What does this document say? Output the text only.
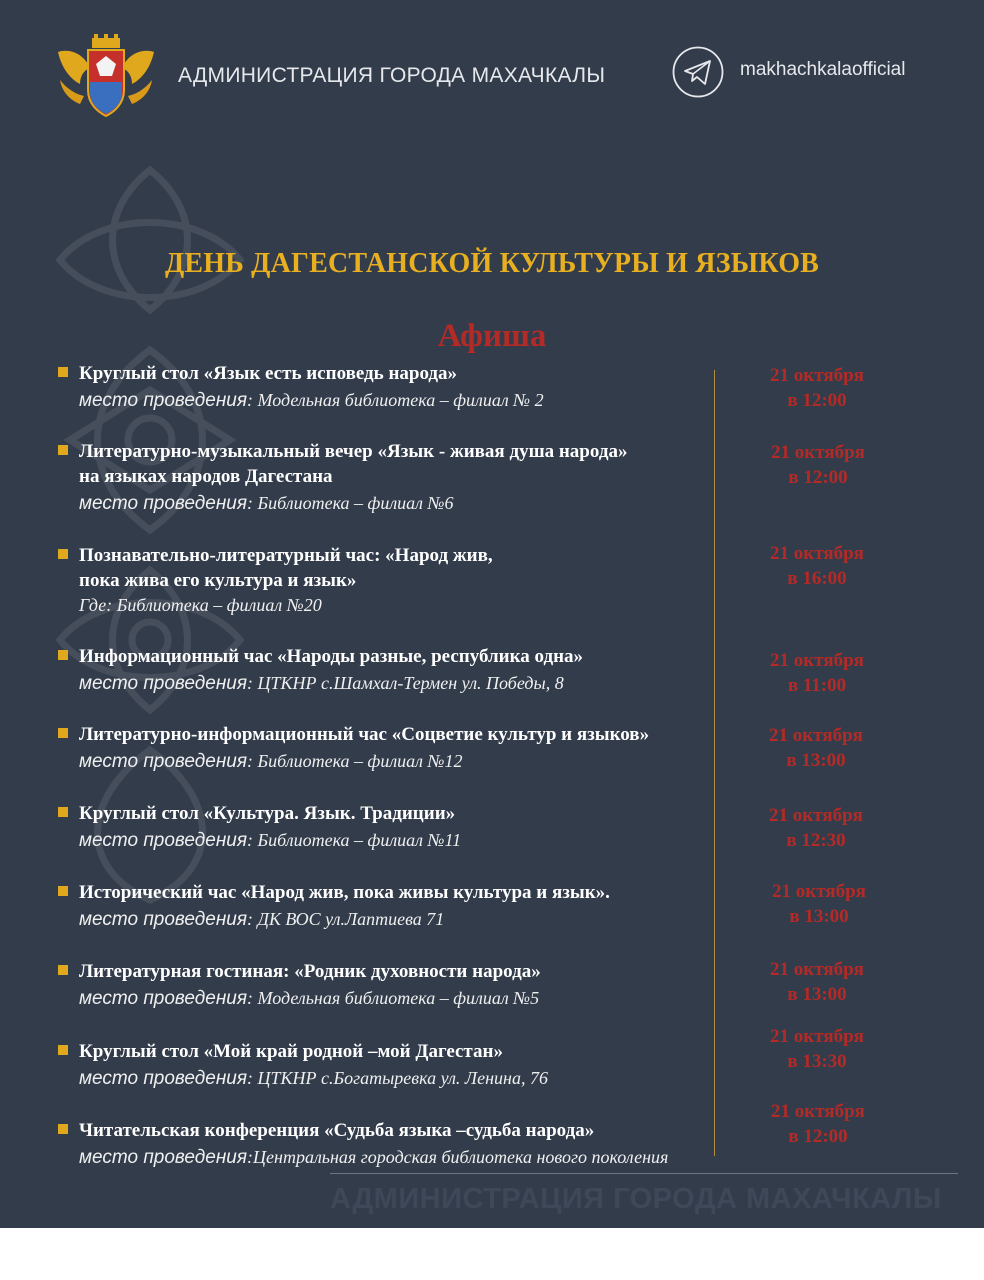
АДМИНИСТРАЦИЯ ГОРОДА МАХАЧКАЛЫ	makhachkalaofficial
ДЕНЬ ДАГЕСТАНСКОЙ КУЛЬТУРЫ И ЯЗЫКОВ
Афиша
Круглый стол «Язык есть исповедь народа»
место проведения: Модельная библиотека – филиал № 2
21 октября
в 12:00
Литературно-музыкальный вечер «Язык - живая душа народа»
на языках народов Дагестана
место проведения: Библиотека – филиал №6
21 октября
в 12:00
Познавательно-литературный час: «Народ жив,
пока жива его культура и язык»
Где: Библиотека – филиал №20
21 октября
в 16:00
Информационный час «Народы разные, республика одна»
место проведения: ЦТКНР с.Шамхал-Термен ул. Победы, 8
21 октября
в 11:00
Литературно-информационный час «Соцветие культур и языков»
место проведения: Библиотека – филиал №12
21 октября
в 13:00
Круглый стол «Культура. Язык. Традиции»
место проведения: Библиотека – филиал №11
21 октября
в 12:30
Исторический час «Народ жив, пока живы культура и язык».
место проведения: ДК ВОС ул.Лаптиева 71
21 октября
в 13:00
Литературная гостиная: «Родник духовности народа»
место проведения: Модельная библиотека – филиал №5
21 октября
в 13:00
Круглый стол «Мой край родной –мой Дагестан»
место проведения: ЦТКНР с.Богатыревка ул. Ленина, 76
21 октября
в 13:30
Читательская конференция «Судьба языка –судьба народа»
место проведения:Центральная городская библиотека нового поколения
21 октября
в 12:00
АДМИНИСТРАЦИЯ ГОРОДА МАХАЧКАЛЫ
